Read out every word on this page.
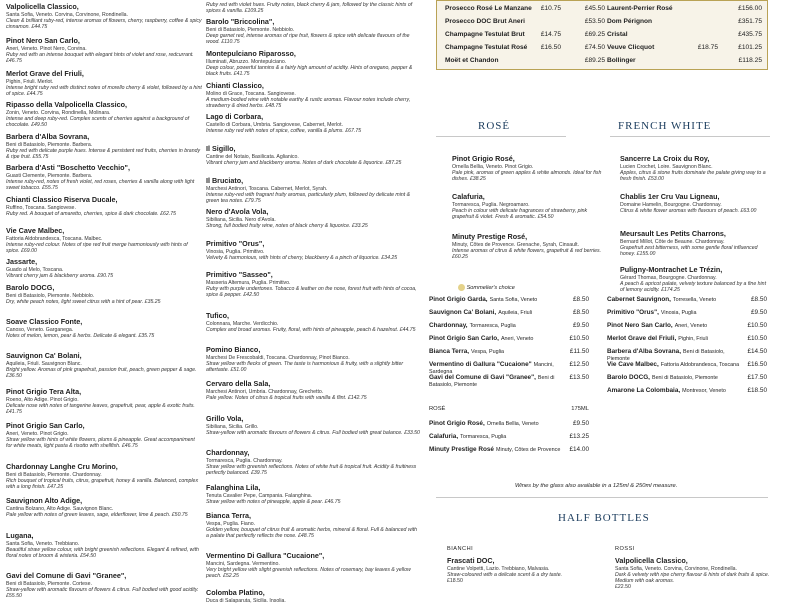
Valpolicella Classico,
Santa Sofia, Veneto. Corvina, Corvinone, Rondinella.
Clean & brilliant ruby-red, intense aromas of flowers, cherry, raspberry, coffee & spicy cinnamon. £44.75
Pinot Nero San Carlo,
Aneri, Veneto. Pinot Nero, Corvina.
Ruby red with an intense bouquet with elegant hints of violet and rose, redcurrant. £46.75
Merlot Grave del Friuli,
Pighin, Friuli. Merlot.
Intense bright ruby red with distinct notes of morello cherry & violet, followed by a hint of spice. £44.75
Ripasso della Valpolicella Classico,
Zonin, Veneto. Corvina, Rondinella, Molinara.
Intense and deep ruby-red. Complex scents of cherries against a background of chocolate. £49.50
Barbera d'Alba Sovrana,
Beni di Batasiolo, Piemonte. Barbera.
Ruby red with delicate purple hues. Intense & persistent red fruits, cherries in brandy & ripe fruit. £55.75
Barbera d'Asti "Boschetto Vecchio",
Guasti Clemente, Piemonte. Barbera.
Intense ruby-red, notes of fresh violet, red roses, cherries & vanilla along with light sweet tobacco. £55.75
Chianti Classico Riserva Ducale,
Ruffino, Toscana. Sangiovese.
Ruby red. A bouquet of amaretto, cherries, spice & dark chocolate. £62.75
Vie Cave Malbec,
Fattoria Aldobrandesca, Toscana. Malbec.
Intense ruby-red colour. Notes of ripe red fruit merge harmoniously with hints of spice. £69.00
Jassarte,
Guado al Melo, Toscana.
Vibrant cherry jam & blackberry aroma. £90.75
Barolo DOCG,
Beni di Batasiolo, Piemonte. Nebbiolo.
Dry, white peach notes, light sweet citrus with a hint of pear. £35.25
Soave Classico Fonte,
Canoso, Veneto. Garganega.
Notes of melon, lemon, pear & herbs. Delicate & elegant. £35.75
Sauvignon Ca' Bolani,
Aquileia, Friuli. Sauvignon Blanc.
Bright yellow. Aromas of pink grapefruit, passion fruit, peach, green pepper & sage. £36.50
Pinot Grigio Tera Alta,
Roeno, Alto Adige. Pinot Grigio.
Delicate nose with notes of tangerine leaves, grapefruit, pear, apple & exotic fruits. £41.75
Pinot Grigio San Carlo,
Aneri, Veneto. Pinot Grigio.
Straw yellow with hints of white flowers, plums & pineapple. Great accompaniment for white meats, light pasta & risotto with shellfish. £46.75
Chardonnay Langhe Cru Morino,
Beni di Batasiolo, Piemonte. Chardonnay.
Rich bouquet of tropical fruits, citrus, grapefruit, honey & vanilla. Balanced, complex with a long finish. £47.25
Sauvignon Alto Adige,
Cantina Bolzano, Alto Adige. Sauvignon Blanc.
Pale yellow with notes of green leaves, sage, elderflower, lime & peach. £50.75
Lugana,
Santa Sofia, Veneto. Trebbiano.
Beautiful straw yellow colour, with bright greenish reflections. Elegant & refined, with floral notes of broom & wisteria. £54.50
Gavi del Comune di Gavi "Granee",
Beni di Batasiolo, Piemonte. Cortese.
Straw-yellow with aromatic flavours of flowers & citrus. Full bodied with good acidity. £55.50
Ruby red with violet hues. Fruity notes, black cherry & jam, followed by the classic hints of spices & vanilla. £109.25
Barolo "Briccolina",
Beni di Batasiolo, Piemonte. Nebbiolo.
Deep garnet red, intense aromas of ripe fruit, flowers & spice with delicate flavours of the wood. £110.75
Montepulciano Riparosso,
Illuminati, Abruzzo. Montepulciano.
Deep colour, powerful tannins & a fairly high amount of acidity. Hints of oregano, pepper & black fruits. £41.75
Chianti Classico,
Molino di Grace, Toscana. Sangiovese.
A medium-bodied wine with notable earthy & rustic aromas. Flavour notes include cherry, strawberry & dried herbs. £48.75
Lago di Corbara,
Castello di Corbara, Umbria. Sangiovese, Cabernet, Merlot.
Intense ruby red with notes of spice, coffee, vanilla & plums. £67.75
Il Sigillo,
Cantine del Notaio, Basilicata. Aglianico.
Vibrant cherry jam and blackberry aroma. Notes of dark chocolate & liquorice. £87.25
Il Bruciato,
Marchesi Antinori, Toscana. Cabernet, Merlot, Syrah.
Intense ruby-red with fragrant fruity aromas, particularly plum, followed by delicate mint & green tea notes. £79.75
Nero d'Avola Vola,
Sibiliana, Sicilia. Nero d'Avola.
Strong, full bodied fruity wine, notes of black cherry & liquorice. £33.25
Primitivo "Orus",
Vinosia, Puglia. Primitivo.
Velvety & harmonious, with hints of cherry, blackberry & a pinch of liquorice. £34.25
Primitivo "Sasseo",
Masseria Altemura, Puglia. Primitivo.
Ruby with purple undertones. Tobacco & leather on the nose, forest fruit with hints of cocoa, spice & pepper. £42.50
Tufico,
Colonnara, Marche. Verdicchio.
Complex and broad aromas. Fruity, floral, with hints of pineapple, peach & hazelnut. £44.75
Pomino Bianco,
Marchesi De Frescobaldi, Toscana. Chardonnay, Pinot Bianco.
Straw yellow with flecks of green. The taste is harmonious & fruity, with a slightly bitter aftertaste. £51.00
Cervaro della Sala,
Marchesi Antinori, Umbria. Chardonnay, Grechetto.
Pale yellow. Notes of citrus & tropical fruits with vanilla & flint. £142.75
Grillo Vola,
Sibiliana, Sicilia. Grillo.
Straw-yellow with aromatic flavours of flowers & citrus. Full bodied with great balance. £33.50
Chardonnay,
Tormaresca, Puglia. Chardonnay.
Straw yellow with greenish reflections. Notes of white fruit & tropical fruit. Acidity & fruitiness perfectly balanced. £39.75
Falanghina Lila,
Tenuta Cavalier Pepe, Campania. Falanghina.
Straw yellow with notes of pineapple, apple & pear. £46.75
Bianca Terra,
Vespa, Puglia. Fiano.
Golden yellow, bouquet of citrus fruit & aromatic herbs, mineral & floral. Full & balanced with a palate that perfectly reflects the nose. £48.75
Vermentino Di Gallura "Cucaione",
Mancini, Sardegna. Vermentino.
Very bright yellow with slight greenish reflections. Notes of rosemary, bay leaves & yellow peach. £52.25
Colomba Platino,
Duca di Salaparuta, Sicilia. Insolia.
Prosecco Rosé Le Manzane	£10.75	£45.50
Prosecco DOC Brut Aneri	£53.50
Champagne Testulat Brut	£14.75	£69.25
Champagne Testulat Rosé	£16.50	£74.50
Moët et Chandon	£89.25
Laurent-Perrier Rosé	£156.00
Dom Pérignon	£351.75
Cristal	£435.75
Veuve Clicquot	£18.75	£101.25
Bollinger	£118.25
ROSÉ	FRENCH WHITE
Pinot Grigio Rosé,
Ornella Bellia, Veneto. Pinot Grigio.
Pale pink, aromas of green apples & white almonds. Ideal for fish dishes. £38.25
Calafuria,
Tormaresca, Puglia. Negroamaro.
Peach in colour with delicate fragrances of strawberry, pink grapefruit & violet. Fresh & aromatic. £54.50
Minuty Prestige Rosé,
Minuty, Côtes de Provence. Grenache, Syrah, Cinsault.
Intense aromas of citrus & white flowers, grapefruit & red berries. £60.25
Sancerre La Croix du Roy,
Lucien Crochet, Loire. Sauvignon Blanc.
Apples, citrus & stone fruits dominate the palate giving way to a fresh finish. £53.00
Chablis 1er Cru Vau Ligneau,
Domaine Hamelin, Bourgogne. Chardonnay.
Citrus & white flower aromas with flavours of peach. £63.00
Meursault Les Petits Charrons,
Bernard Millot, Côte de Beaune. Chardonnay.
Grapefruit zest bitterness, with some gentle floral influenced honey. £155.00
Puligny-Montrachet Le Trézin,
Gérard Thomas, Bourgogne. Chardonnay.
A peach & apricot palate, velvety texture balanced by a fine hint of lemony acidity. £174.25
Sommelier's choice
Pinot Grigio Garda, Santa Sofia, Veneto	£8.50
Sauvignon Ca' Bolani, Aquileia, Friuli	£8.50
Chardonnay, Tormaresca, Puglia	£9.50
Pinot Grigio San Carlo, Aneri, Veneto	£10.50
Bianca Terra, Vespa, Puglia	£11.50
Vermentino di Gallura "Cucaione" Mancini, Sardegna
£12.50
Gavi del Comune di Gavi "Granee", Beni di Batasiolo, Piemonte
£13.50
ROSÉ	175ML
Pinot Grigio Rosé, Ornella Bellia, Veneto	£9.50
Calafuria, Tormaresca, Puglia	£13.25
Minuty Prestige Rosé Minuty, Côtes de Provence £14.00
Cabernet Sauvignon, Torresella, Veneto	£8.50
Primitivo "Orus", Vinosia, Puglia	£9.50
Pinot Nero San Carlo, Aneri, Veneto	£10.50
Merlot Grave del Friuli, Pighin, Friuli	£10.50
Barbera d'Alba Sovrana, Beni di Batasiolo, Piemonte
£14.50
Vie Cave Malbec, Fattoria Aldobrandesca, Toscana £16.50
Barolo DOCG, Beni di Batasiolo, Piemonte	£17.50
Amarone La Colombaia, Montresor, Veneto	£18.50
Wines by the glass also available in a 125ml & 250ml measure.
HALF BOTTLES
BIANCHI	ROSSI
Frascati DOC,
Cantine Volpetti, Lazio. Trebbiano, Malvasia.
Straw-coloured with a delicate scent & a dry taste.
£18.50
Valpolicella Classico,
Santa Sofia, Veneto. Corvina, Corvinone, Rondinella.
Dark & velvety with ripe cherry flavour & hints of dark fruits & spice. Medium with oak aromas.
£22.50
